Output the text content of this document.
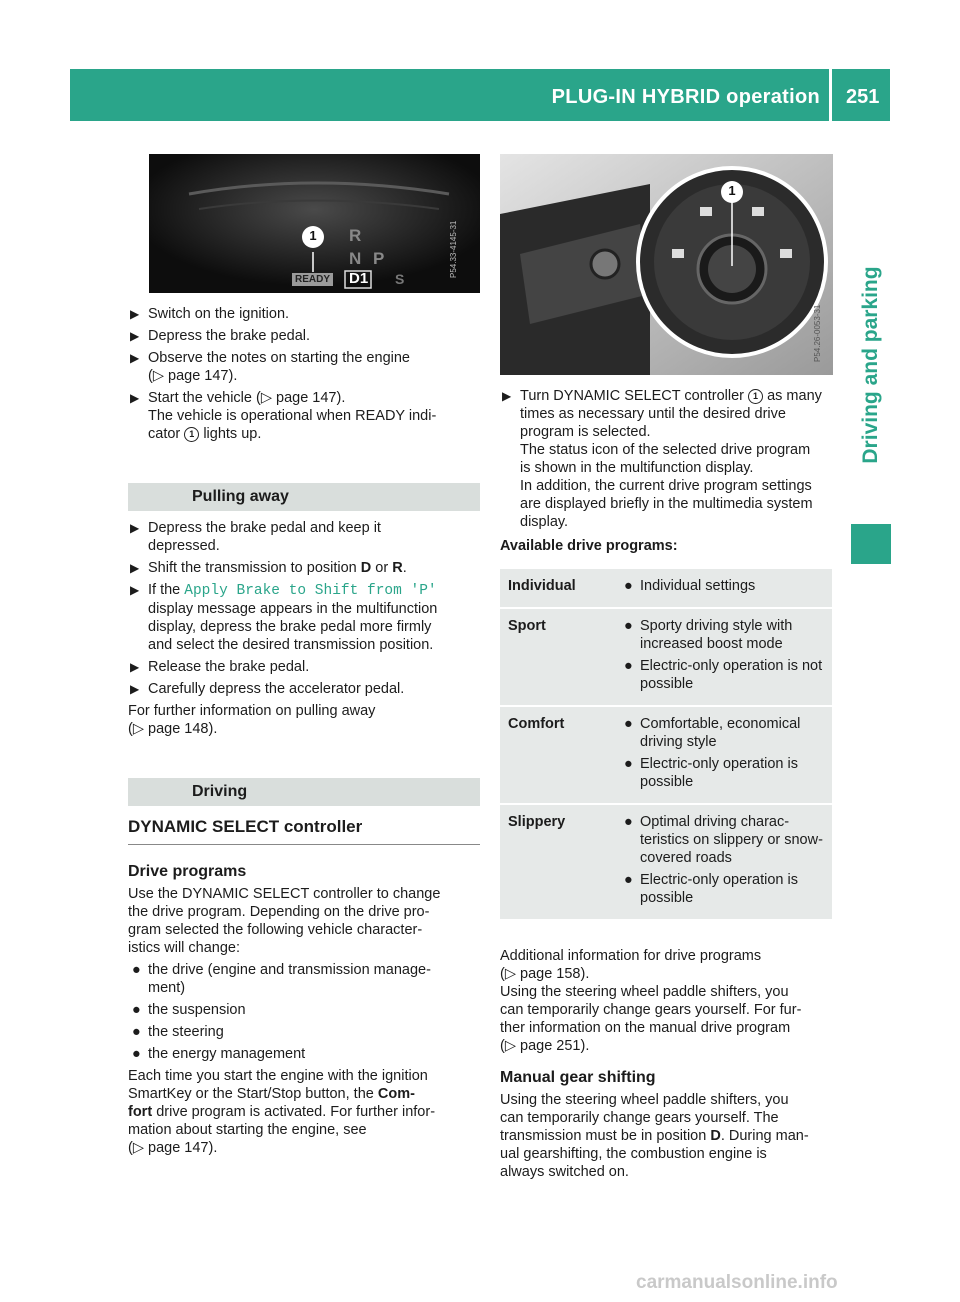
PLUG-IN HYBRID operation 251
Driving and parking
1 R
N P
READY D1 S
P54.33-4145-31
1
P54.26-0053-31
▶ Switch on the ignition.
▶ Depress the brake pedal.
▶ Observe the notes on starting the engine
(▷ page 147).
▶ Start the vehicle (▷ page 147).
The vehicle is operational when READY indi-
cator 1 lights up.
Pulling away
▶ Depress the brake pedal and keep it
depressed.
▶ Shift the transmission to position D or R.
▶ If the Apply Brake to Shift from 'P'
display message appears in the multifunction
display, depress the brake pedal more firmly
and select the desired transmission position.
▶ Release the brake pedal.
▶ Carefully depress the accelerator pedal.
For further information on pulling away
(▷ page 148).
Driving
DYNAMIC SELECT controller
Drive programs
Use the DYNAMIC SELECT controller to change
the drive program. Depending on the drive pro-
gram selected the following vehicle character-
istics will change:
● the drive (engine and transmission manage-
ment)
● the suspension
● the steering
● the energy management
Each time you start the engine with the ignition
SmartKey or the Start/Stop button, the Com-
fort drive program is activated. For further infor-
mation about starting the engine, see
(▷ page 147).
▶ Turn DYNAMIC SELECT controller 1 as many
times as necessary until the desired drive
program is selected.
The status icon of the selected drive program
is shown in the multifunction display.
In addition, the current drive program settings
are displayed briefly in the multimedia system
display.
Available drive programs:
Individual	● Individual settings

Sport	● Sporty driving style with increased boost mode
● Electric-only operation is not possible

Comfort	● Comfortable, economical driving style
● Electric-only operation is possible

Slippery	● Optimal driving charac- teristics on slippery or snow-covered roads
● Electric-only operation is possible
Additional information for drive programs
(▷ page 158).
Using the steering wheel paddle shifters, you
can temporarily change gears yourself. For fur-
ther information on the manual drive program
(▷ page 251).
Manual gear shifting
Using the steering wheel paddle shifters, you
can temporarily change gears yourself. The
transmission must be in position D. During man-
ual gearshifting, the combustion engine is
always switched on.
carmanualsonline.info
